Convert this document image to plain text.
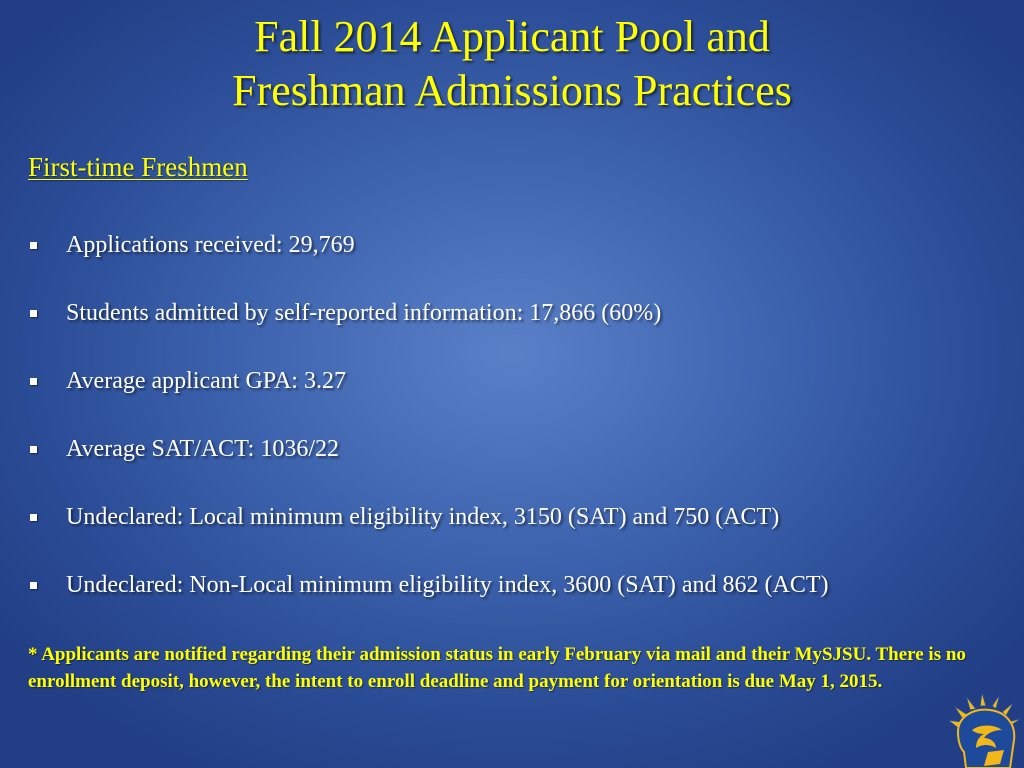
Fall 2014 Applicant Pool and
Freshman Admissions Practices
First-time Freshmen
Applications received: 29,769
Students admitted by self-reported information: 17,866 (60%)
Average applicant GPA: 3.27
Average SAT/ACT: 1036/22
Undeclared: Local minimum eligibility index, 3150 (SAT) and 750 (ACT)
Undeclared: Non-Local minimum eligibility index, 3600 (SAT) and 862 (ACT)
* Applicants are notified regarding their admission status in early February via mail and their MySJSU. There is no enrollment deposit, however, the intent to enroll deadline and payment for orientation is due May 1, 2015.
